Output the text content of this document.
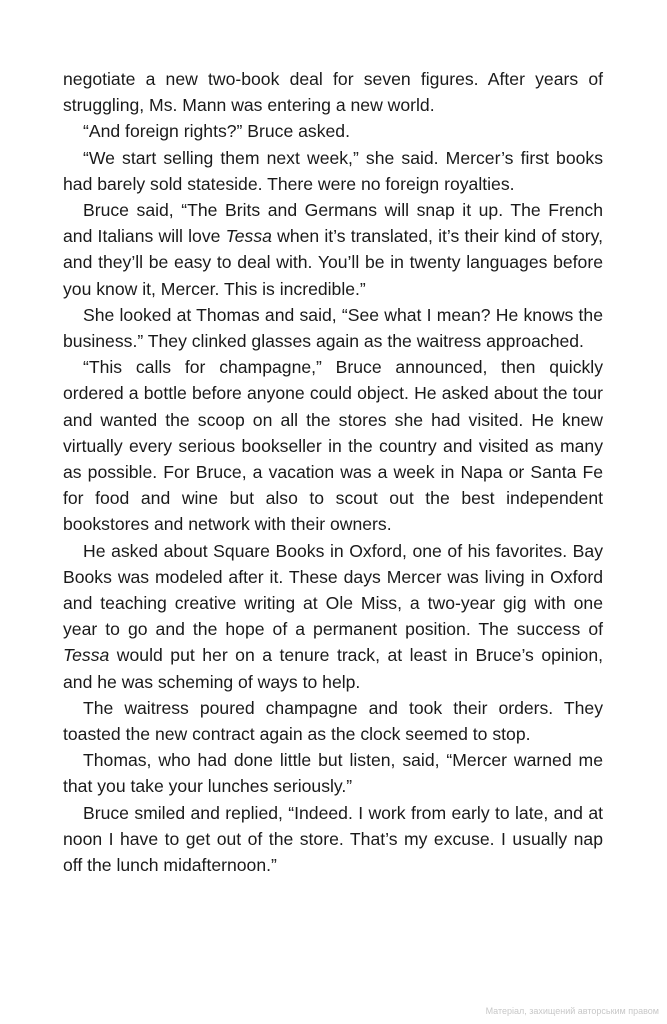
negotiate a new two-book deal for seven figures. After years of struggling, Ms. Mann was entering a new world.

“And foreign rights?” Bruce asked.

“We start selling them next week,” she said. Mercer’s first books had barely sold stateside. There were no foreign royalties.

Bruce said, “The Brits and Germans will snap it up. The French and Italians will love Tessa when it’s translated, it’s their kind of story, and they’ll be easy to deal with. You’ll be in twenty languages before you know it, Mercer. This is incredible.”

She looked at Thomas and said, “See what I mean? He knows the business.” They clinked glasses again as the waitress approached.

“This calls for champagne,” Bruce announced, then quickly ordered a bottle before anyone could object. He asked about the tour and wanted the scoop on all the stores she had visited. He knew virtually every serious bookseller in the country and visited as many as possible. For Bruce, a vacation was a week in Napa or Santa Fe for food and wine but also to scout out the best independent bookstores and network with their owners.

He asked about Square Books in Oxford, one of his favorites. Bay Books was modeled after it. These days Mercer was living in Oxford and teaching creative writing at Ole Miss, a two-year gig with one year to go and the hope of a permanent position. The success of Tessa would put her on a tenure track, at least in Bruce’s opinion, and he was scheming of ways to help.

The waitress poured champagne and took their orders. They toasted the new contract again as the clock seemed to stop.

Thomas, who had done little but listen, said, “Mercer warned me that you take your lunches seriously.”

Bruce smiled and replied, “Indeed. I work from early to late, and at noon I have to get out of the store. That’s my excuse. I usually nap off the lunch midafternoon.”

Матеріал, захищений авторським правом
